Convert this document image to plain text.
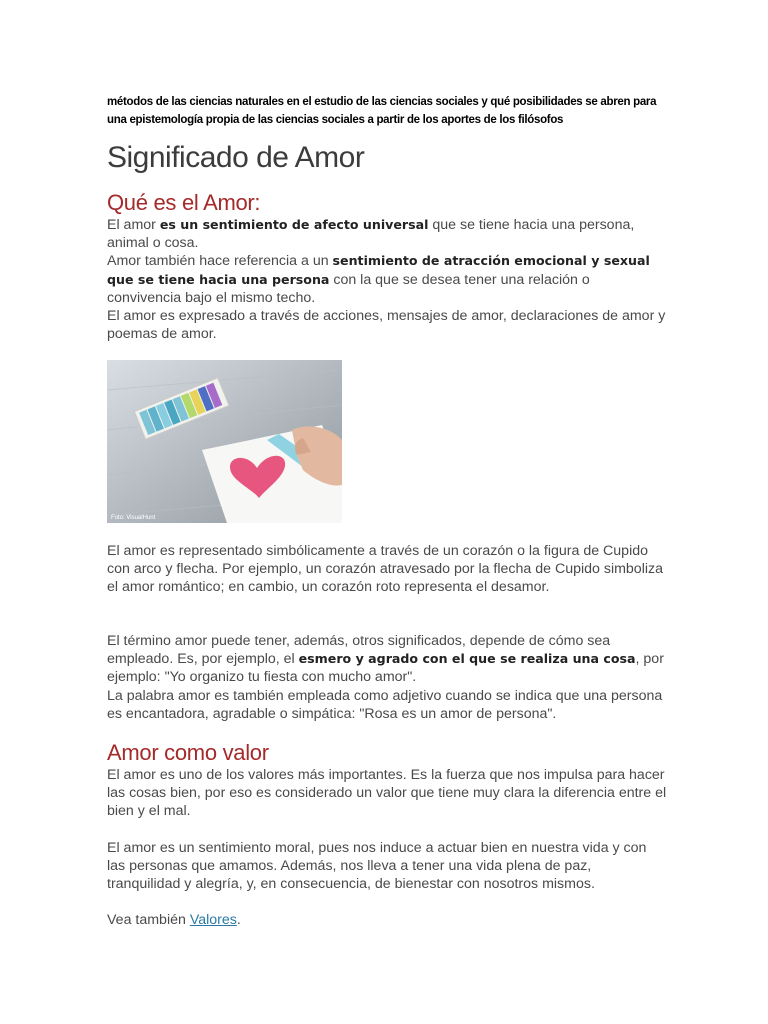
métodos de las ciencias naturales en el estudio de las ciencias sociales y qué posibilidades se abren para una epistemología propia de las ciencias sociales a partir de los aportes de los filósofos
Significado de Amor
Qué es el Amor:

El amor es un sentimiento de afecto universal que se tiene hacia una persona, animal o cosa.

Amor también hace referencia a un sentimiento de atracción emocional y sexual que se tiene hacia una persona con la que se desea tener una relación o convivencia bajo el mismo techo.

El amor es expresado a través de acciones, mensajes de amor, declaraciones de amor y poemas de amor.

Foto: VisualHunt

El amor es representado simbólicamente a través de un corazón o la figura de Cupido con arco y flecha. Por ejemplo, un corazón atravesado por la flecha de Cupido simboliza el amor romántico; en cambio, un corazón roto representa el desamor.

El término amor puede tener, además, otros significados, depende de cómo sea empleado. Es, por ejemplo, el esmero y agrado con el que se realiza una cosa, por ejemplo: "Yo organizo tu fiesta con mucho amor".

La palabra amor es también empleada como adjetivo cuando se indica que una persona es encantadora, agradable o simpática: "Rosa es un amor de persona".

Amor como valor

El amor es uno de los valores más importantes. Es la fuerza que nos impulsa para hacer las cosas bien, por eso es considerado un valor que tiene muy clara la diferencia entre el bien y el mal.

El amor es un sentimiento moral, pues nos induce a actuar bien en nuestra vida y con las personas que amamos. Además, nos lleva a tener una vida plena de paz, tranquilidad y alegría, y, en consecuencia, de bienestar con nosotros mismos.

Vea también Valores.
